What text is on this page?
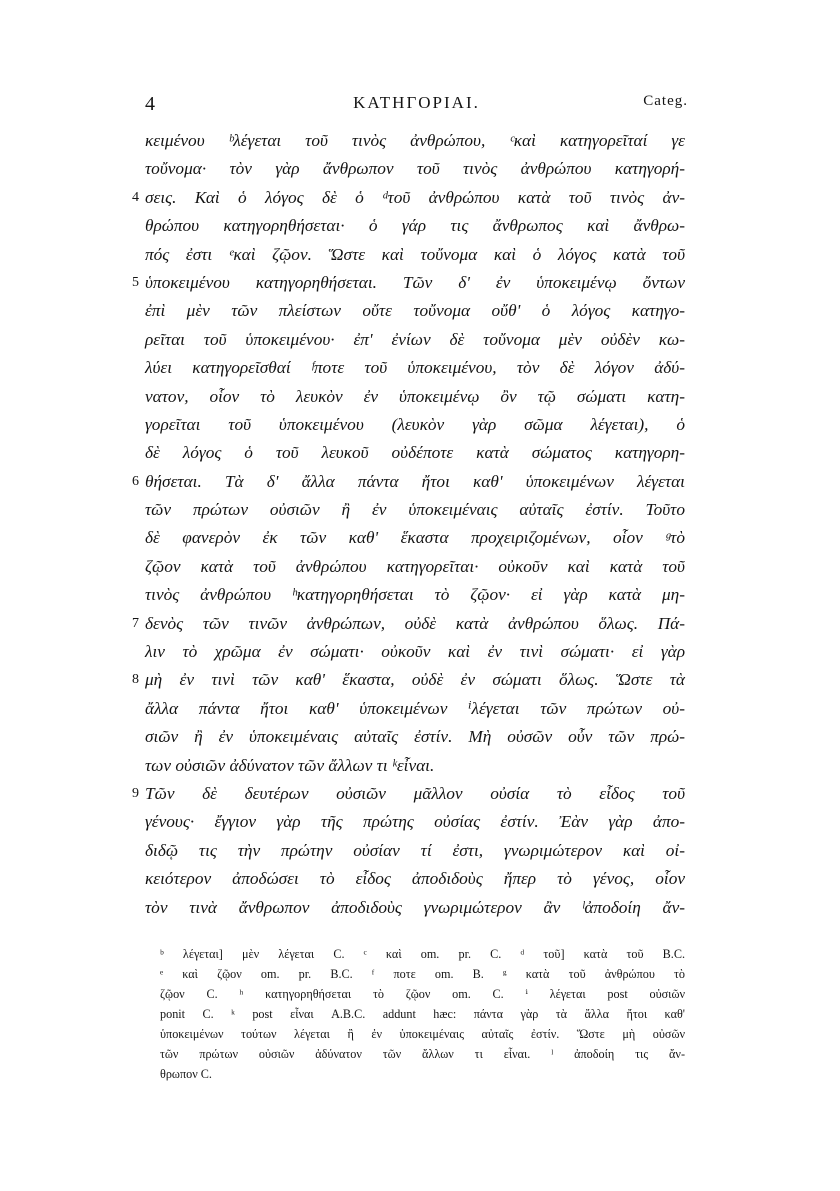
4	ΚΑΤΗΓΟΡΙΑΙ.	Categ.
κειμένου ᵇλέγεται τοῦ τινὸς ἀνθρώπου, ᶜκαὶ κατηγορεῖταί γε
τοὔνομα· τὸν γὰρ ἄνθρωπον τοῦ τινὸς ἀνθρώπου κατηγορή-
4 σεις. Καὶ ὁ λόγος δὲ ὁ ᵈτοῦ ἀνθρώπου κατὰ τοῦ τινὸς ἀν-
θρώπου κατηγορηθήσεται· ὁ γάρ τις ἄνθρωπος καὶ ἄνθρω-
πός ἐστι ᵉκαὶ ζῷον. Ὥστε καὶ τοὔνομα καὶ ὁ λόγος κατὰ τοῦ
5 ὑποκειμένου κατηγορηθήσεται. Τῶν δ' ἐν ὑποκειμένῳ ὄντων
ἐπὶ μὲν τῶν πλείστων οὔτε τοὔνομα οὔθ' ὁ λόγος κατηγο-
ρεῖται τοῦ ὑποκειμένου· ἐπ' ἐνίων δὲ τοὔνομα μὲν οὐδὲν κω-
λύει κατηγορεῖσθαί ᶠποτε τοῦ ὑποκειμένου, τὸν δὲ λόγον ἀδύ-
νατον, οἷον τὸ λευκὸν ἐν ὑποκειμένῳ ὂν τῷ σώματι κατη-
γορεῖται τοῦ ὑποκειμένου (λευκὸν γὰρ σῶμα λέγεται), ὁ
δὲ λόγος ὁ τοῦ λευκοῦ οὐδέποτε κατὰ σώματος κατηγορη-
6 θήσεται. Τὰ δ' ἄλλα πάντα ἤτοι καθ' ὑποκειμένων λέγεται
τῶν πρώτων οὐσιῶν ἢ ἐν ὑποκειμέναις αὐταῖς ἐστίν. Τοῦτο
δὲ φανερὸν ἐκ τῶν καθ' ἕκαστα προχειριζομένων, οἷον ᵍτὸ
ζῷον κατὰ τοῦ ἀνθρώπου κατηγορεῖται· οὐκοῦν καὶ κατὰ τοῦ
τινὸς ἀνθρώπου ʰκατηγορηθήσεται τὸ ζῷον· εἰ γὰρ κατὰ μη-
7 δενὸς τῶν τινῶν ἀνθρώπων, οὐδὲ κατὰ ἀνθρώπου ὅλως. Πά-
λιν τὸ χρῶμα ἐν σώματι· οὐκοῦν καὶ ἐν τινὶ σώματι· εἰ γὰρ
8 μὴ ἐν τινὶ τῶν καθ' ἕκαστα, οὐδὲ ἐν σώματι ὅλως. Ὥστε τὰ
ἄλλα πάντα ἤτοι καθ' ὑποκειμένων ⁱλέγεται τῶν πρώτων οὐ-
σιῶν ἢ ἐν ὑποκειμέναις αὐταῖς ἐστίν. Μὴ οὐσῶν οὖν τῶν πρώ-
των οὐσιῶν ἀδύνατον τῶν ἄλλων τι ᵏεἶναι.
9 Τῶν δὲ δευτέρων οὐσιῶν μᾶλλον οὐσία τὸ εἶδος τοῦ
γένους· ἔγγιον γὰρ τῆς πρώτης οὐσίας ἐστίν. Ἐὰν γὰρ ἀπο-
διδῷ τις τὴν πρώτην οὐσίαν τί ἐστι, γνωριμώτερον καὶ οἰ-
κειότερον ἀποδώσει τὸ εἶδος ἀποδιδοὺς ἤπερ τὸ γένος, οἷον
τὸν τινὰ ἄνθρωπον ἀποδιδοὺς γνωριμώτερον ἂν ˡἀποδοίη ἄν-
ᵇ λέγεται] μὲν λέγεται C. ᶜ καὶ om. pr. C. ᵈ τοῦ] κατὰ τοῦ B.C.
ᵉ καὶ ζῷον om. pr. B.C. ᶠ ποτε om. B. ᵍ κατὰ τοῦ ἀνθρώπου τὸ
ζῷον C. ʰ κατηγορηθήσεται τὸ ζῷον om. C. ⁱ λέγεται post οὐσιῶν
ponit C. ᵏ post εἶναι A.B.C. addunt hæc: πάντα γὰρ τὰ ἄλλα ἤτοι καθ'
ὑποκειμένων τούτων λέγεται ἢ ἐν ὑποκειμέναις αὐταῖς ἐστίν. Ὥστε μὴ οὐσῶν
τῶν πρώτων οὐσιῶν ἀδύνατον τῶν ἄλλων τι εἶναι. ˡ ἀποδοίη τις ἄν-
θρωπον C.
